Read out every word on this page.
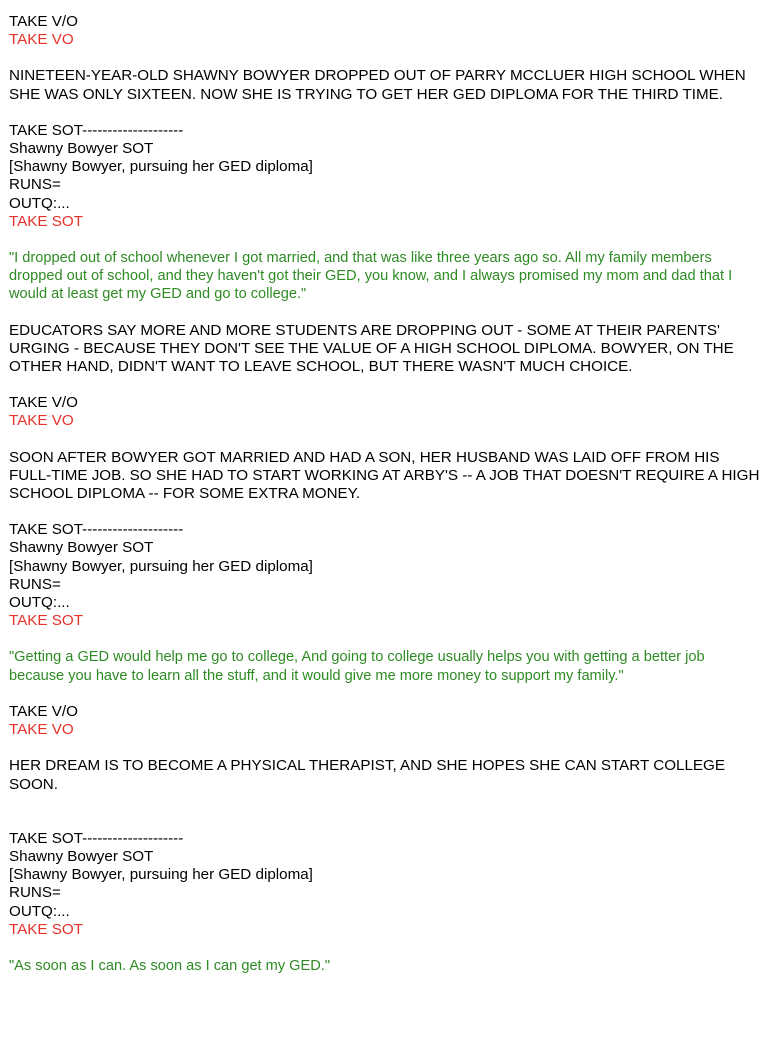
TAKE V/O
TAKE VO
NINETEEN-YEAR-OLD SHAWNY BOWYER DROPPED OUT OF PARRY MCCLUER HIGH SCHOOL WHEN SHE WAS ONLY SIXTEEN. NOW SHE IS TRYING TO GET HER GED DIPLOMA FOR THE THIRD TIME.
TAKE SOT--------------------
Shawny Bowyer SOT
[Shawny Bowyer, pursuing her GED diploma]
RUNS=
OUTQ:...
TAKE SOT
"I dropped out of school whenever I got married, and that was like three years ago so. All my family members dropped out of school, and they haven't got their GED, you know, and I always promised my mom and dad that I would at least get my GED and go to college."
EDUCATORS SAY MORE AND MORE STUDENTS ARE DROPPING OUT - SOME AT THEIR PARENTS' URGING - BECAUSE THEY DON'T SEE THE VALUE OF A HIGH SCHOOL DIPLOMA. BOWYER, ON THE OTHER HAND, DIDN'T WANT TO LEAVE SCHOOL, BUT THERE WASN'T MUCH CHOICE.
TAKE V/O
TAKE VO
SOON AFTER BOWYER GOT MARRIED AND HAD A SON, HER HUSBAND WAS LAID OFF FROM HIS FULL-TIME JOB. SO SHE HAD TO START WORKING AT ARBY'S -- A JOB THAT DOESN'T REQUIRE A HIGH SCHOOL DIPLOMA -- FOR SOME EXTRA MONEY.
TAKE SOT--------------------
Shawny Bowyer SOT
[Shawny Bowyer, pursuing her GED diploma]
RUNS=
OUTQ:...
TAKE SOT
"Getting a GED would help me go to college, And going to college usually helps you with getting a better job because you have to learn all the stuff, and it would give me more money to support my family."
TAKE V/O
TAKE VO
HER DREAM IS TO BECOME A PHYSICAL THERAPIST, AND SHE HOPES SHE CAN START COLLEGE SOON.
TAKE SOT--------------------
Shawny Bowyer SOT
[Shawny Bowyer, pursuing her GED diploma]
RUNS=
OUTQ:...
TAKE SOT
"As soon as I can. As soon as I can get my GED."
